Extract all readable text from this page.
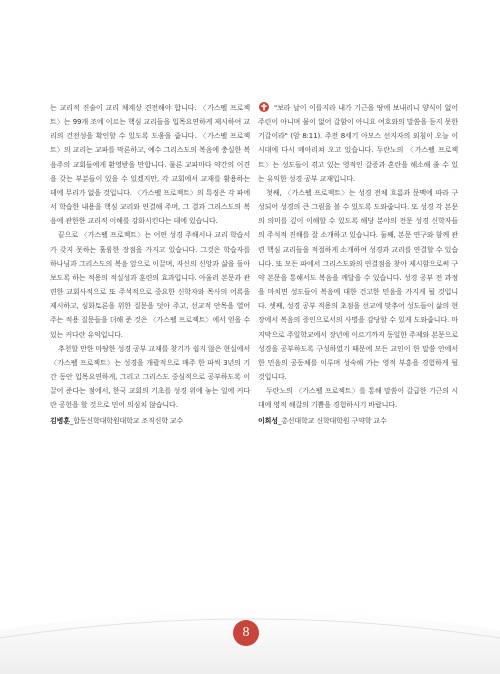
는 교리적 진술이 교리 체계상 견전해야 합니다. 〈가스펠 프로젝트〉는 99개 조에 이르는 핵심 교리들을 입목요연하게 제시하여 교리의 건전성을 확인할 수 있도록 도움을 줍니다. 〈가스펠 프로젝트〉의 교리는 교파를 막론하고, 예수 그리스도의 복음에 충실한 복음주의 교회들에게 환영받을 만합니다. 물론 교파마다 약간의 이견을 갖는 부분들이 있을 수 있겠지만, 각 교회에서 교재를 활용하는 데에 무리가 없을 것입니다. 〈가스펠 프로젝트〉의 특징은 각 파에서 학습한 내용을 핵심 교리와 연결해 주며, 그 결과 그리스도의 복음에 관한한 교리적 이해를 강화시킨다는 데에 있습니다.

끝으로 〈가스펠 프로젝트〉는 어떤 성경 주해서나 교리 학습서가 갖지 못하는 훌륭한 장점을 가지고 있습니다. 그것은 학습자를 하나님과 그리스도의 복음 앞으로 이끌며, 자신의 신앙과 삶을 돌아보도록 하는 적용의 적실성과 훈련의 효과입니다. 아울러 본문과 관련한 교회사적으로 또 주석적으로 중요한 신학자와 목사의 어록을 제시하고, 심화토론을 위한 질문을 덧아 주고, 선교적 안목을 열어 주는 적용 질문들을 더해 준 것은 〈가스펠 프로젝트〉에서 얻을 수 있는 커다란 유익입니다.

추천할 만한 마땅한 성경 공부 교재를 찾기가 쉽지 않은 현실에서 〈가스펠 프로젝트〉는 성경을 개괄적으로 매주 한 파씩 3년의 기간 동안 입목요연하게, 그리고 그리스도 중심적으로 공부하도록 이끌어 준다는 점에서, 한국 교회의 기초를 성경 위에 놓는 일에 커다란 공헌을 할 것으로 민어 의심치 않습니다.

김병훈_합동신학대학원대학교 조직신학 교수

"보라 날이 이를지라 내가 기근을 땅에 보내리니 양식이 없어 주린이 아니며 물이 없어 갈함이 아니요 여호와의 말씀을 듣지 못한 기갈이라" (암 8:11). 주전 8세기 아모스 선지자의 외침이 오늘 이 시대에 다시 메아리쳐 오고 있습니다. 두란노의 〈가스펠 프로젝트〉는 성도들이 겪고 있는 영적인 갈증과 혼란을 해소해 줄 수 있는 유익한 성경 공부 교재입니다.

첫째, 〈가스펠 프로젝트〉는 성경 전체 흐름과 문맥에 따라 구성되어 성경의 큰 그림을 볼 수 있도록 도와줍니다. 또 성경 각 본문의 의미를 깊이 이해할 수 있도록 해당 분야의 전문 성경 신학자들의 주석적 진해를 잘 소개하고 있습니다. 둘째, 본문 연구와 함께 관련 핵심 교리들을 적절하게 소개하여 성경과 교리를 연결할 수 있습니다. 또 모든 파에서 그리스도와의 연결점을 찾아 제시함으로써 구약 본문을 통해서도 복음을 깨달을 수 있습니다. 성경 공부 전 과정을 마치면 성도들이 복음에 대한 건고한 민음을 가지게 될 것입니다. 셋째, 성경 공부 적용의 초점을 선교에 맞추어 성도들이 삶의 현장에서 복음의 증인으로서의 사명을 감당할 수 있게 도와줍니다. 마지막으로 주일학교에서 장년에 이르기까지 동일한 주제와 본문으로 성경을 공부하도록 구성하였기 때문에 모든 교인이 한 말씀 안에서 한 민음의 공동체를 이루며 성숙해 가는 영적 부흥을 경험하게 될 것입니다.

두란노의 〈가스펠 프로젝트〉를 통해 말씀이 갈급한 기근의 시대에 영적 해갈의 기쁨을 경험하시기 바랍니다.

이희성_총신대학교 신학대학원 구약학 교수
8
